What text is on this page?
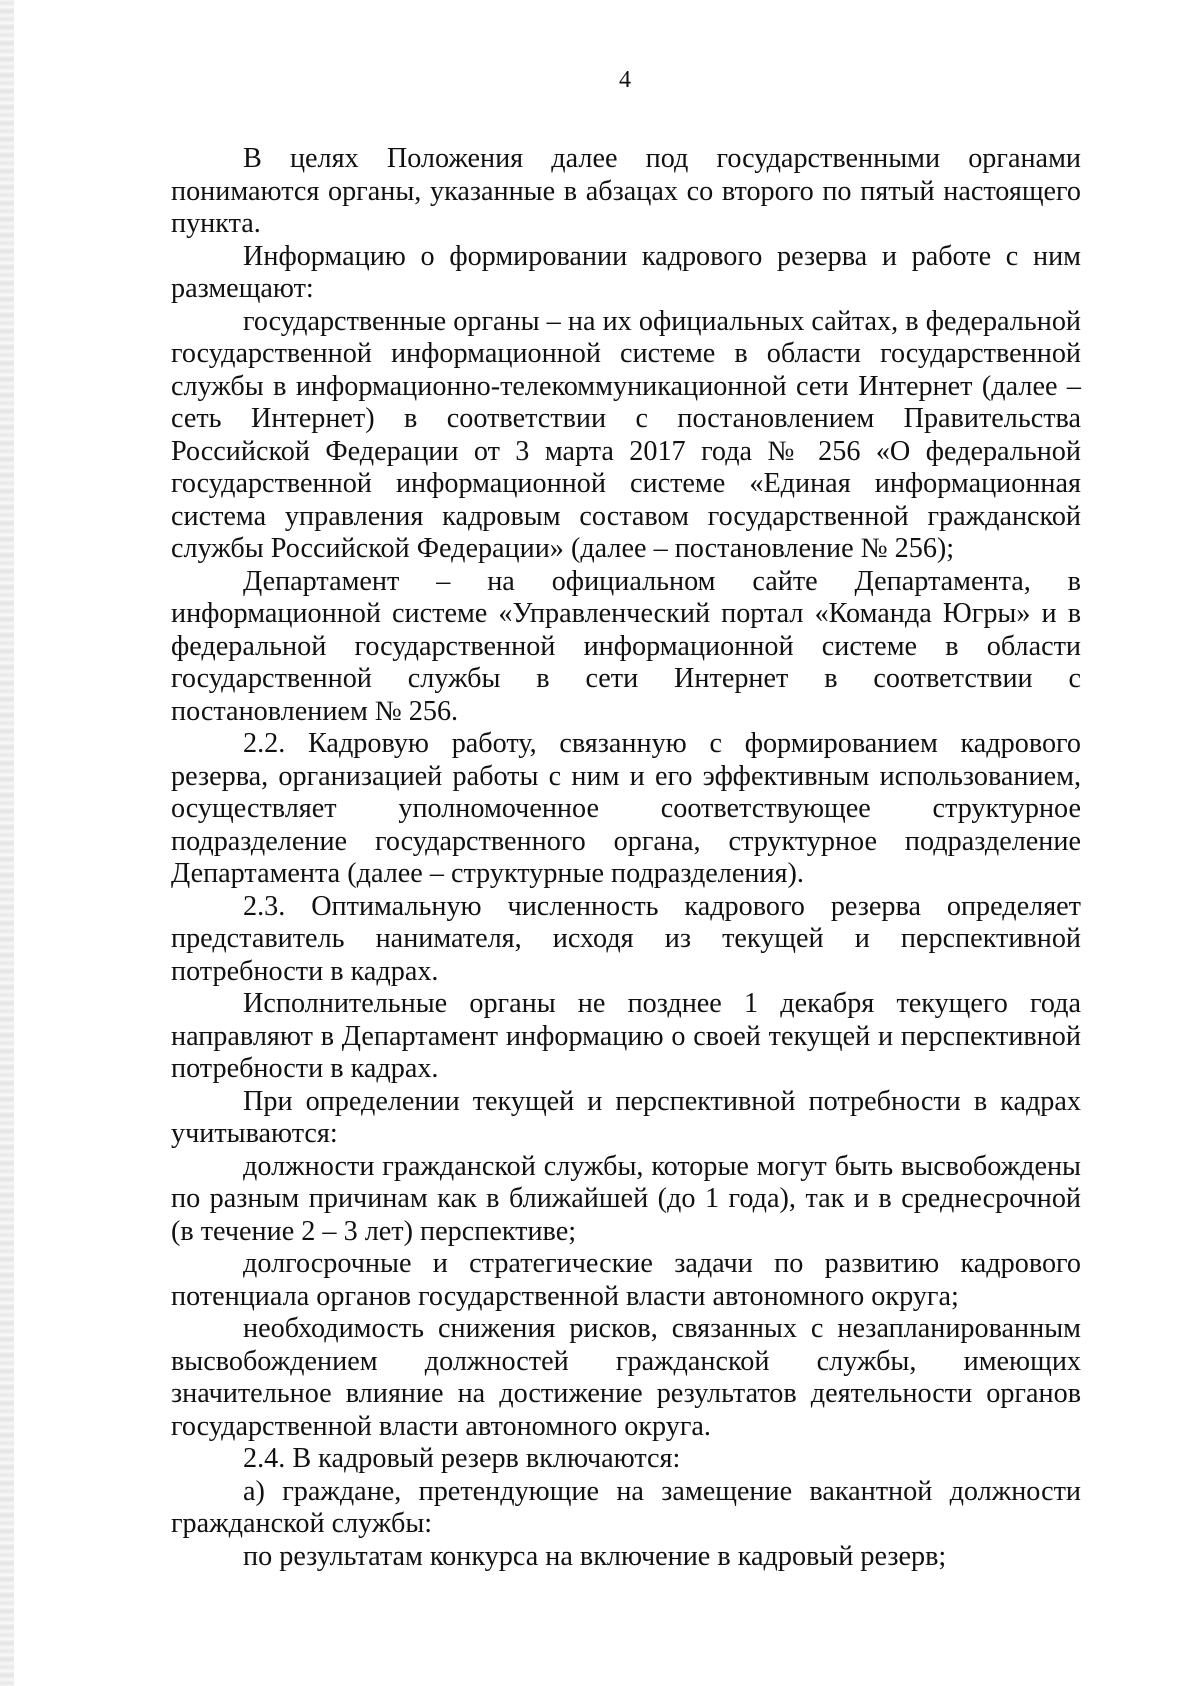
4

В целях Положения далее под государственными органами понимаются органы, указанные в абзацах со второго по пятый настоящего пункта.

Информацию о формировании кадрового резерва и работе с ним размещают:

государственные органы – на их официальных сайтах, в федеральной государственной информационной системе в области государственной службы в информационно-телекоммуникационной сети Интернет (далее – сеть Интернет) в соответствии с постановлением Правительства Российской Федерации от 3 марта 2017 года № 256 «О федеральной государственной информационной системе «Единая информационная система управления кадровым составом государственной гражданской службы Российской Федерации» (далее – постановление № 256);

Департамент – на официальном сайте Департамента, в информационной системе «Управленческий портал «Команда Югры» и в федеральной государственной информационной системе в области государственной службы в сети Интернет в соответствии с постановлением № 256.

2.2. Кадровую работу, связанную с формированием кадрового резерва, организацией работы с ним и его эффективным использованием, осуществляет уполномоченное соответствующее структурное подразделение государственного органа, структурное подразделение Департамента (далее – структурные подразделения).

2.3. Оптимальную численность кадрового резерва определяет представитель нанимателя, исходя из текущей и перспективной потребности в кадрах.

Исполнительные органы не позднее 1 декабря текущего года направляют в Департамент информацию о своей текущей и перспективной потребности в кадрах.

При определении текущей и перспективной потребности в кадрах учитываются:

должности гражданской службы, которые могут быть высвобождены по разным причинам как в ближайшей (до 1 года), так и в среднесрочной (в течение 2 – 3 лет) перспективе;

долгосрочные и стратегические задачи по развитию кадрового потенциала органов государственной власти автономного округа;

необходимость снижения рисков, связанных с незапланированным высвобождением должностей гражданской службы, имеющих значительное влияние на достижение результатов деятельности органов государственной власти автономного округа.

2.4. В кадровый резерв включаются:

а) граждане, претендующие на замещение вакантной должности гражданской службы:

по результатам конкурса на включение в кадровый резерв;
